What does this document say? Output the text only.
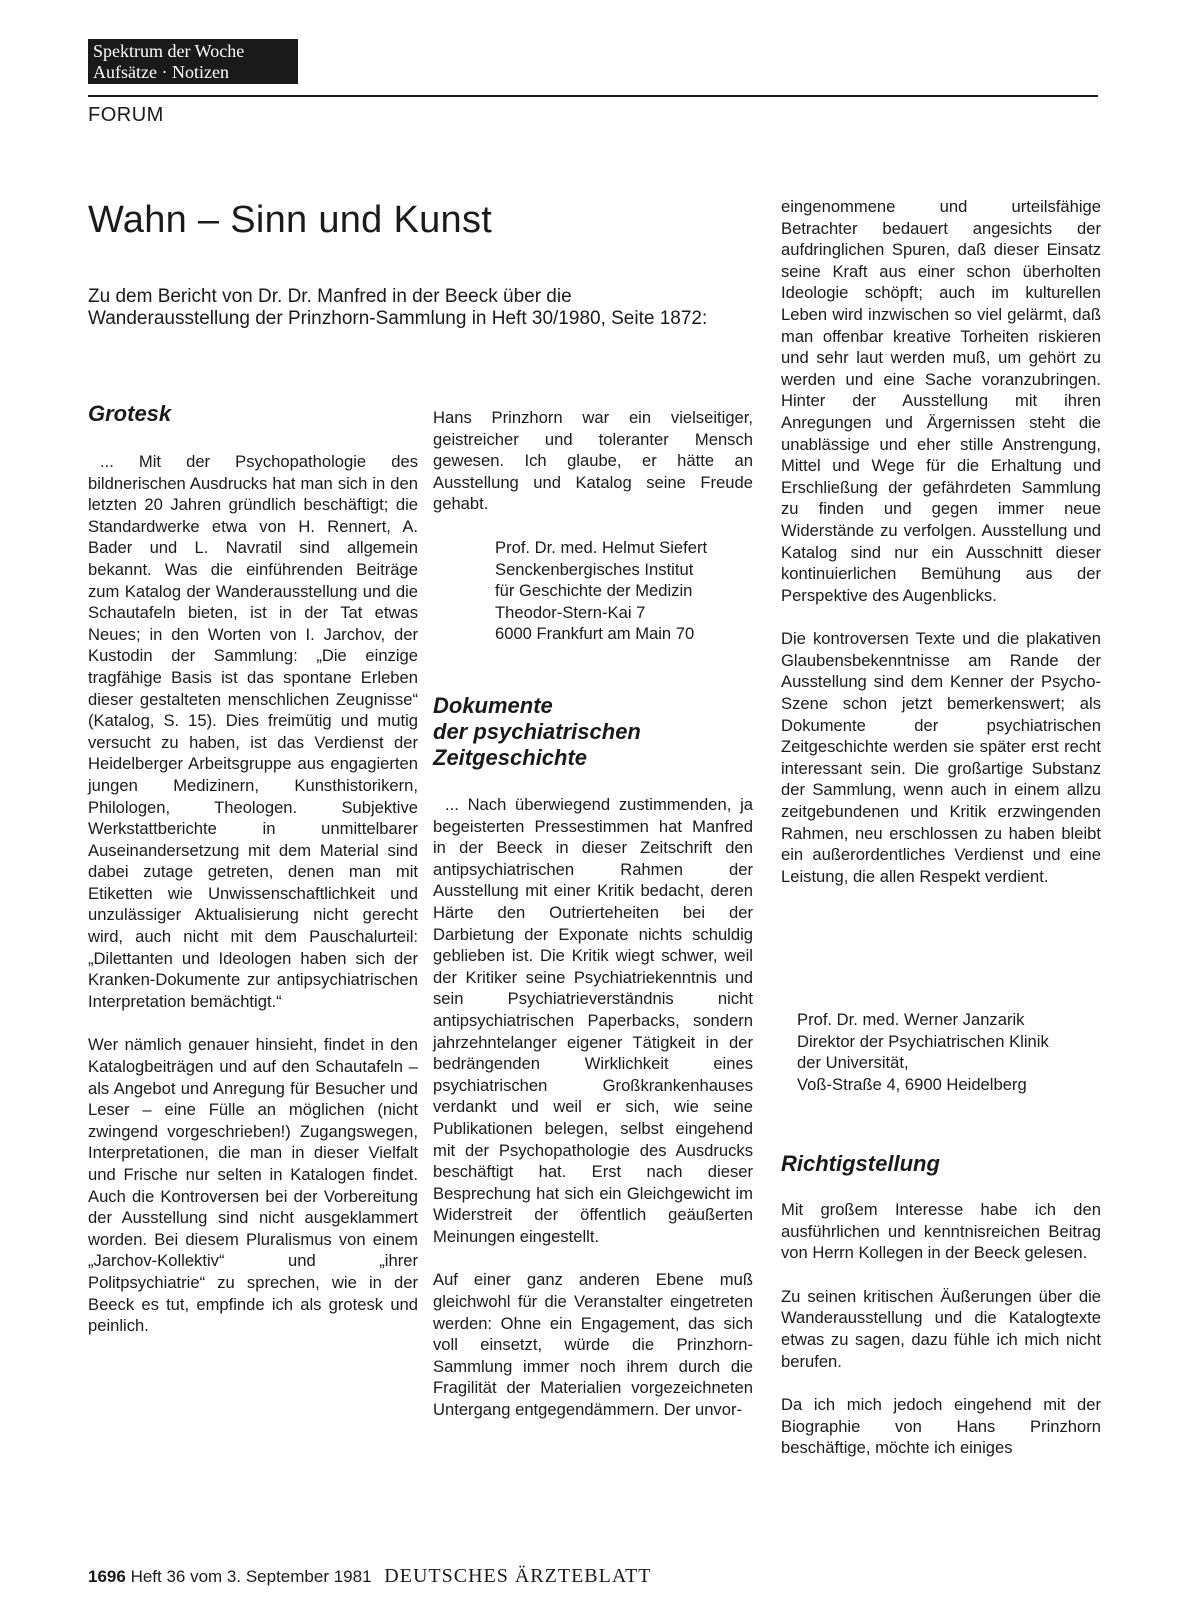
Spektrum der Woche
Aufsätze · Notizen
FORUM
Wahn – Sinn und Kunst
Zu dem Bericht von Dr. Dr. Manfred in der Beeck über die Wanderausstellung der Prinzhorn-Sammlung in Heft 30/1980, Seite 1872:

Grotesk

... Mit der Psychopathologie des bildnerischen Ausdrucks hat man sich in den letzten 20 Jahren gründlich beschäftigt; die Standardwerke etwa von H. Rennert, A. Bader und L. Navratil sind allgemein bekannt. Was die einführenden Beiträge zum Katalog der Wanderausstellung und die Schautafeln bieten, ist in der Tat etwas Neues; in den Worten von I. Jarchov, der Kustodin der Sammlung: „Die einzige tragfähige Basis ist das spontane Erleben dieser gestalteten menschlichen Zeugnisse“ (Katalog, S. 15). Dies freimütig und mutig versucht zu haben, ist das Verdienst der Heidelberger Arbeitsgruppe aus engagierten jungen Medizinern, Kunsthistorikern, Philologen, Theologen. Subjektive Werkstattberichte in unmittelbarer Auseinandersetzung mit dem Material sind dabei zutage getreten, denen man mit Etiketten wie Unwissenschaftlichkeit und unzulässiger Aktualisierung nicht gerecht wird, auch nicht mit dem Pauschalurteil: „Dilettanten und Ideologen haben sich der Kranken-Dokumente zur antipsychiatrischen Interpretation bemächtigt.“

Wer nämlich genauer hinsieht, findet in den Katalogbeiträgen und auf den Schautafeln – als Angebot und Anregung für Besucher und Leser – eine Fülle an möglichen (nicht zwingend vorgeschrieben!) Zugangswegen, Interpretationen, die man in dieser Vielfalt und Frische nur selten in Katalogen findet. Auch die Kontroversen bei der Vorbereitung der Ausstellung sind nicht ausgeklammert worden. Bei diesem Pluralismus von einem „Jarchov-Kollektiv“ und „ihrer Politpsychiatrie“ zu sprechen, wie in der Beeck es tut, empfinde ich als grotesk und peinlich.

Hans Prinzhorn war ein vielseitiger, geistreicher und toleranter Mensch gewesen. Ich glaube, er hätte an Ausstellung und Katalog seine Freude gehabt.

Prof. Dr. med. Helmut Siefert
Senckenbergisches Institut
für Geschichte der Medizin
Theodor-Stern-Kai 7
6000 Frankfurt am Main 70

Dokumente

der psychiatrischen

Zeitgeschichte

... Nach überwiegend zustimmenden, ja begeisterten Pressestimmen hat Manfred in der Beeck in dieser Zeitschrift den antipsychiatrischen Rahmen der Ausstellung mit einer Kritik bedacht, deren Härte den Outrierteheiten bei der Darbietung der Exponate nichts schuldig geblieben ist. Die Kritik wiegt schwer, weil der Kritiker seine Psychiatriekenntnis und sein Psychiatrieverständnis nicht antipsychiatrischen Paperbacks, sondern jahrzehntelanger eigener Tätigkeit in der bedrängenden Wirklichkeit eines psychiatrischen Großkrankenhauses verdankt und weil er sich, wie seine Publikationen belegen, selbst eingehend mit der Psychopathologie des Ausdrucks beschäftigt hat. Erst nach dieser Besprechung hat sich ein Gleichgewicht im Widerstreit der öffentlich geäußerten Meinungen eingestellt.

Auf einer ganz anderen Ebene muß gleichwohl für die Veranstalter eingetreten werden: Ohne ein Engagement, das sich voll einsetzt, würde die Prinzhorn-Sammlung immer noch ihrem durch die Fragilität der Materialien vorgezeichneten Untergang entgegendämmern. Der unvor-

Prof. Dr. med. Werner Janzarik
Direktor der Psychiatrischen Klinik
der Universität,
Voß-Straße 4, 6900 Heidelberg

Richtigstellung

Mit großem Interesse habe ich den ausführlichen und kenntnisreichen Beitrag von Herrn Kollegen in der Beeck gelesen.

Zu seinen kritischen Äußerungen über die Wanderausstellung und die Katalogtexte etwas zu sagen, dazu fühle ich mich nicht berufen.

Da ich mich jedoch eingehend mit der Biographie von Hans Prinzhorn beschäftige, möchte ich einiges

eingenommene und urteilsfähige Betrachter bedauert angesichts der aufdringlichen Spuren, daß dieser Einsatz seine Kraft aus einer schon überholten Ideologie schöpft; auch im kulturellen Leben wird inzwischen so viel gelärmt, daß man offenbar kreative Torheiten riskieren und sehr laut werden muß, um gehört zu werden und eine Sache voranzubringen. Hinter der Ausstellung mit ihren Anregungen und Ärgernissen steht die unablässige und eher stille Anstrengung, Mittel und Wege für die Erhaltung und Erschließung der gefährdeten Sammlung zu finden und gegen immer neue Widerstände zu verfolgen. Ausstellung und Katalog sind nur ein Ausschnitt dieser kontinuierlichen Bemühung aus der Perspektive des Augenblicks.

Die kontroversen Texte und die plakativen Glaubensbekenntnisse am Rande der Ausstellung sind dem Kenner der Psycho-Szene schon jetzt bemerkenswert; als Dokumente der psychiatrischen Zeitgeschichte werden sie später erst recht interessant sein. Die großartige Substanz der Sammlung, wenn auch in einem allzu zeitgebundenen und Kritik erzwingenden Rahmen, neu erschlossen zu haben bleibt ein außerordentliches Verdienst und eine Leistung, die allen Respekt verdient.

1696 Heft 36 vom 3. September 1981 DEUTSCHES ÄRZTEBLATT
